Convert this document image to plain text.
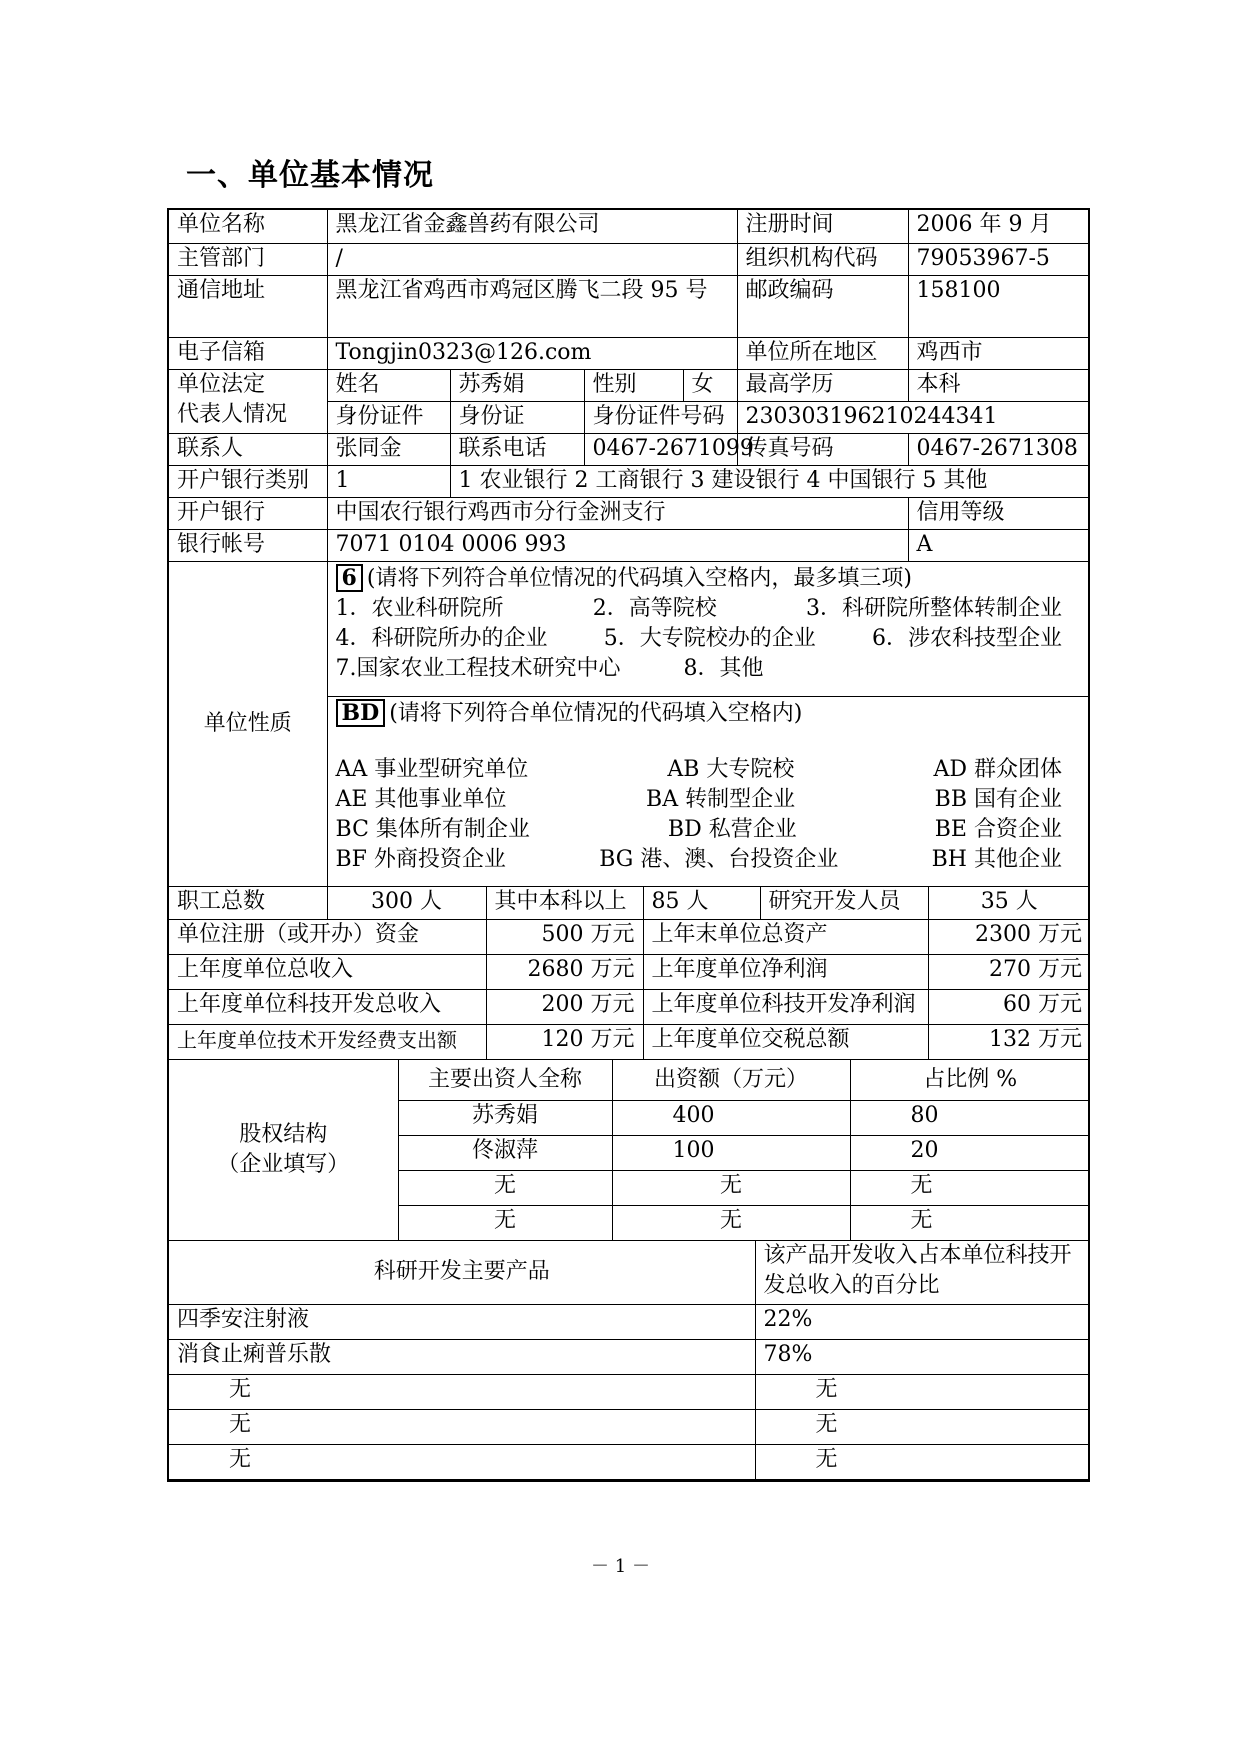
一、单位基本情况
单位名称	黑龙江省金鑫兽药有限公司				注册时间	2006 年 9 月
主管部门	/				组织机构代码	79053967-5
通信地址	黑龙江省鸡西市鸡冠区腾飞二段 95 号				邮政编码	158100
电子信箱	Tongjin0323@126.com				单位所在地区	鸡西市

单位法定
代表人情况	姓名	苏秀娟	性别	女	最高学历	本科
	身份证件	身份证	身份证件号码		230303196210244341	
联系人	张同金	联系电话	0467-2671099		传真号码	0467-2671308
开户银行类别	1	1 农业银行 2 工商银行 3 建设银行 4 中国银行 5 其他				
开户银行	中国农行银行鸡西市分行金洲支行					信用等级
银行帐号	7071 0104 0006 993					A
单位性质	
6 (请将下列符合单位情况的代码填入空格内，最多填三项)
1．农业科研院所	2．高等院校	3．科研院所整体转制企业
4．科研院所办的企业	5．大专院校办的企业	6．涉农科技型企业
7.国家农业工程技术研究中心	8．其他

BD (请将下列符合单位情况的代码填入空格内)
AA 事业型研究单位	AB 大专院校	AD 群众团体
AE 其他事业单位	BA 转制型企业	BB 国有企业
BC 集体所有制企业	BD 私营企业	BE 合资企业
BF 外商投资企业	BG 港、澳、台投资企业	BH 其他企业
职工总数	300 人	其中本科以上	85 人	研究开发人员	35 人
单位注册（或开办）资金	500 万元	上年末单位总资产	2300 万元
上年度单位总收入	2680 万元	上年度单位净利润	270 万元
上年度单位科技开发总收入	200 万元	上年度单位科技开发净利润	60 万元
上年度单位技术开发经费支出额	120 万元	上年度单位交税总额	132 万元
股权结构
（企业填写）	主要出资人全称	出资额（万元）	占比例 %
	苏秀娟	400	80
	佟淑萍	100	20
	无	无	无
	无	无	无
科研开发主要产品	该产品开发收入占本单位科技开发总收入的百分比
四季安注射液	22%
消食止痢普乐散	78%
无	无
无	无
无	无
－ 1 －
